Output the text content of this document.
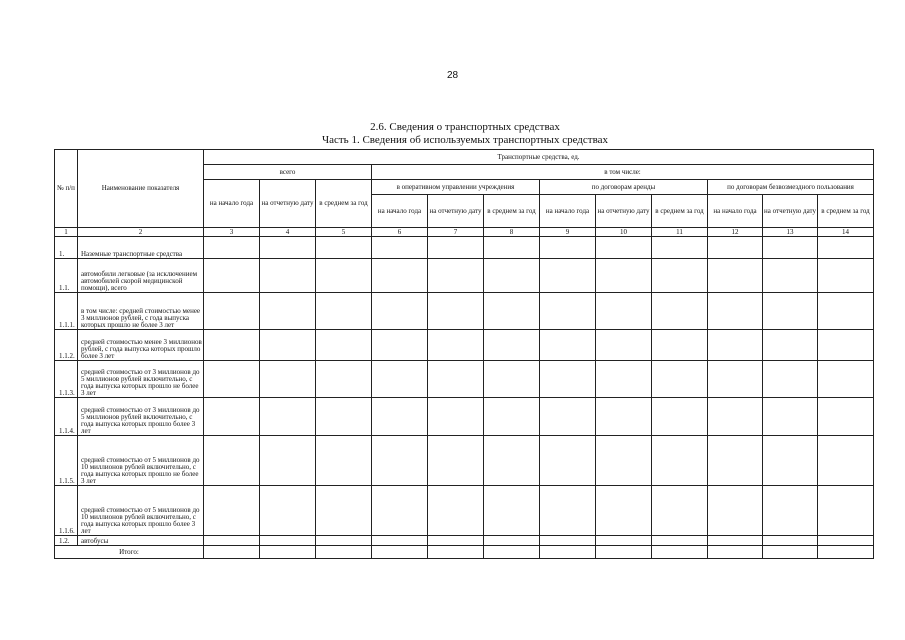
28
2.6. Сведения о транспортных средствах
Часть 1. Сведения об используемых транспортных средствах
№ п/п	Наименование показателя	Транспортные средства, ед.											
		всего			в том числе:								
		на начало года	на отчетную дату	в среднем за год	в оперативном управлении учреждения			по договорам аренды			по договорам безвозмездного пользования		
					на начало года	на отчетную дату	в среднем за год	на начало года	на отчетную дату	в среднем за год	на начало года	на отчетную дату	в среднем за год
1	2	3	4	5	6	7	8	9	10	11	12	13	14
1.	Наземные транспортные средства												
1.1.	автомобили легковые (за исключением автомобилей скорой медицинской помощи), всего												
1.1.1.	в том числе: средней стоимостью менее 3 миллионов рублей, с года выпуска которых прошло не более 3 лет												
1.1.2.	средней стоимостью менее 3 миллионов рублей, с года выпуска которых прошло более 3 лет												
1.1.3.	средней стоимостью от 3 миллионов до 5 миллионов рублей включительно, с года выпуска которых прошло не более 3 лет												
1.1.4.	средней стоимостью от 3 миллионов до 5 миллионов рублей включительно, с года выпуска которых прошло более 3 лет												
1.1.5.	средней стоимостью от 5 миллионов до 10 миллионов рублей включительно, с года выпуска которых прошло не более 3 лет												
1.1.6.	средней стоимостью от 5 миллионов до 10 миллионов рублей включительно, с года выпуска которых прошло более 3 лет												
1.2.	автобусы												
Итого:													
